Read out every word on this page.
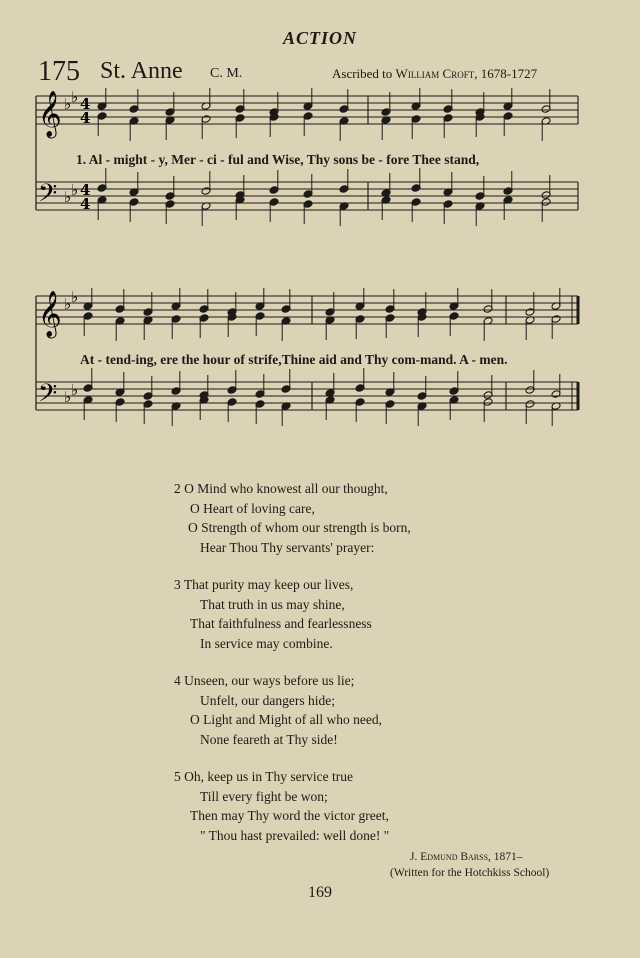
ACTION
175 St. Anne C. M.	Ascribed to William Croft, 1678-1727
𝄞
𝄢
♭ ♭
♭ ♭
4
4
4
4
1. Al - might - y, Mer - ci - ful and Wise, Thy sons be - fore Thee stand,
𝄞
𝄢
♭ ♭
♭ ♭
At - tend-ing, ere the hour of strife,Thine aid and Thy com-mand. A - men.
2 O Mind who knowest all our thought,
O Heart of loving care,
O Strength of whom our strength is born,
Hear Thou Thy servants' prayer:
3 That purity may keep our lives,
That truth in us may shine,
That faithfulness and fearlessness
In service may combine.
4 Unseen, our ways before us lie;
Unfelt, our dangers hide;
O Light and Might of all who need,
None feareth at Thy side!
5 Oh, keep us in Thy service true
Till every fight be won;
Then may Thy word the victor greet,
" Thou hast prevailed: well done! "
J. Edmund Barss, 1871–
(Written for the Hotchkiss School)
169
